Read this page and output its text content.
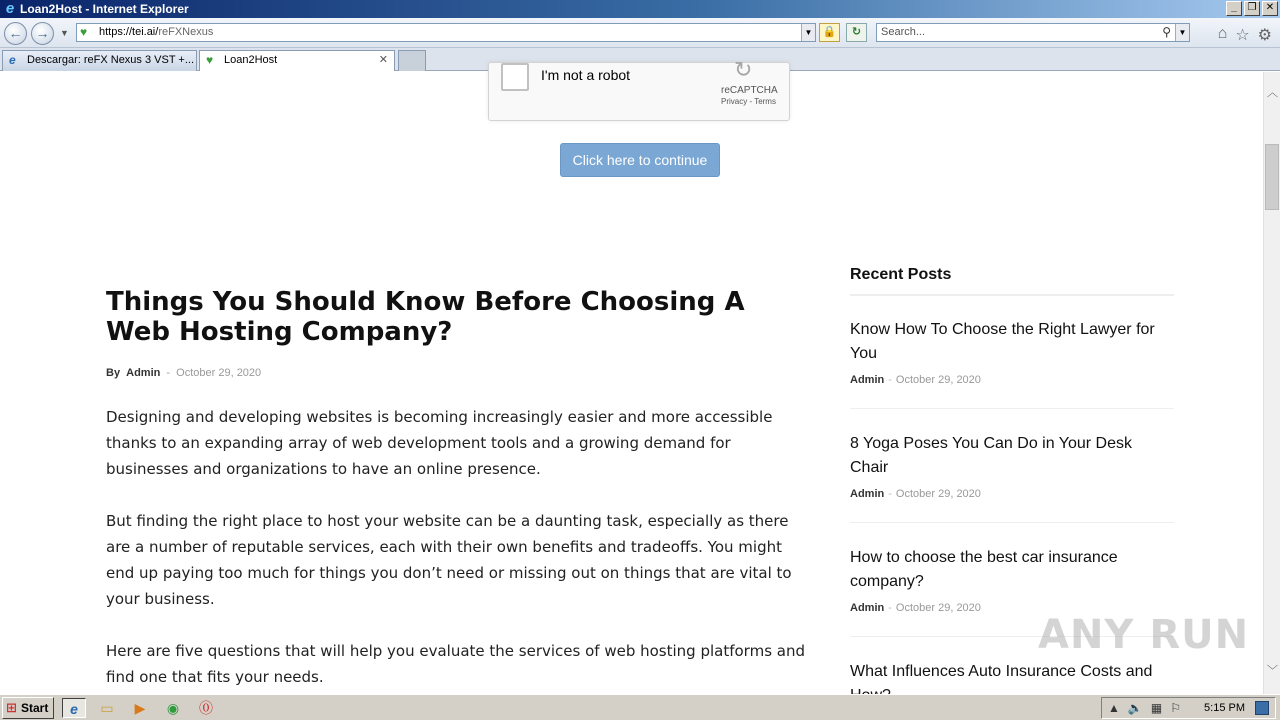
e Loan2Host - Internet Explorer	_	❐ ✕
← →	▼ ♥ https://tei.ai/reFXNexus	▼ 🔒	↻	Search...	⚲ ▼ ⌂ ☆ ⚙
e Descargar: reFX Nexus 3 VST +... ♥ Loan2Host	✕
I'm not a robot	↻
reCAPTCHA
Privacy - Terms
Click here to continue
Things You Should Know Before Choosing A Web Hosting Company?
By Admin - October 29, 2020

Designing and developing websites is becoming increasingly easier and more accessible thanks to an expanding array of web development tools and a growing demand for businesses and organizations to have an online presence.

But finding the right place to host your website can be a daunting task, especially as there are a number of reputable services, each with their own benefits and tradeoffs. You might end up paying too much for things you don’t need or missing out on things that are vital to your business.

Here are five questions that will help you evaluate the services of web hosting platforms and find one that fits your needs.

Recent Posts
Know How To Choose the Right Lawyer for You
Admin - October 29, 2020
8 Yoga Poses You Can Do in Your Desk Chair
Admin - October 29, 2020
How to choose the best car insurance company?
Admin - October 29, 2020
What Influences Auto Insurance Costs and
ANY RUN
︿
﹀
⊞ Start	e	▭	▶	◉	⓪	▲ 🔈 ▦ ⚐ 5:15 PM
